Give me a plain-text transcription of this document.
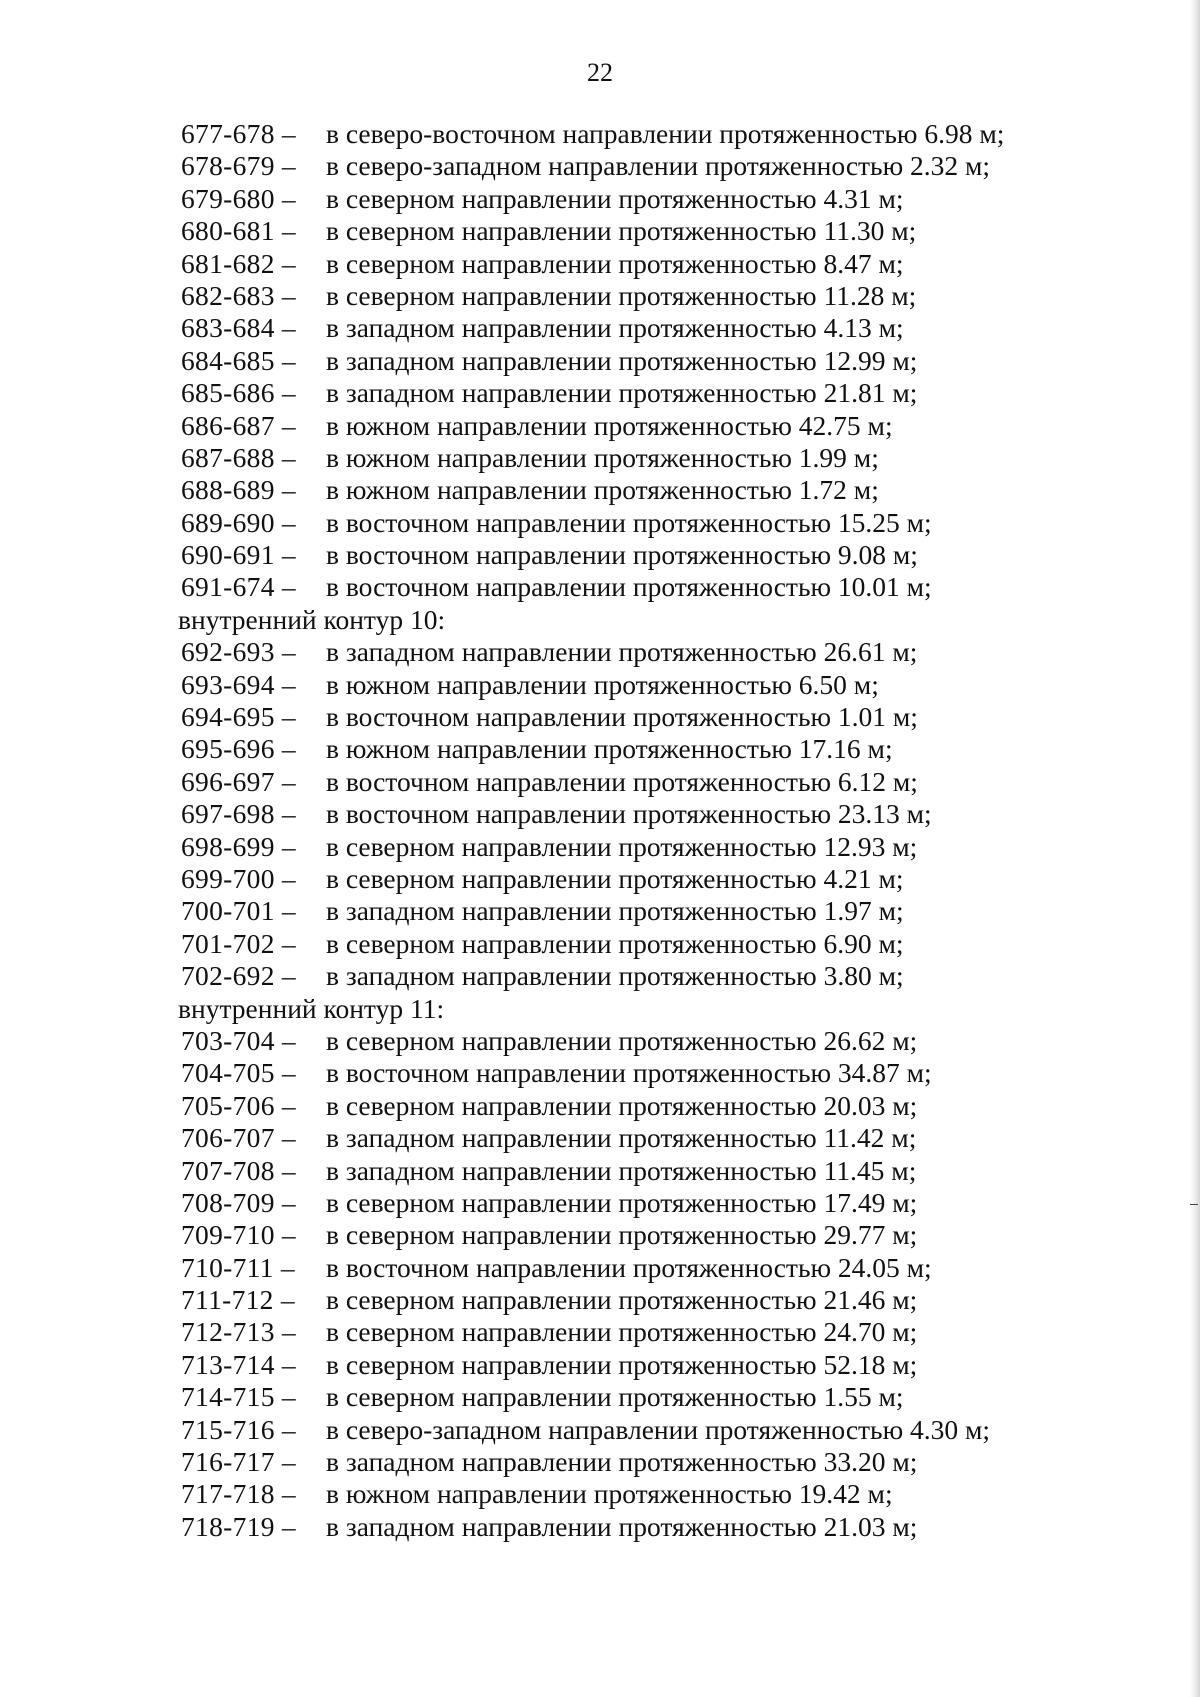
22
677-678 – в северо-восточном направлении протяженностью 6.98 м;
678-679 – в северо-западном направлении протяженностью 2.32 м;
679-680 – в северном направлении протяженностью 4.31 м;
680-681 – в северном направлении протяженностью 11.30 м;
681-682 – в северном направлении протяженностью 8.47 м;
682-683 – в северном направлении протяженностью 11.28 м;
683-684 – в западном направлении протяженностью 4.13 м;
684-685 – в западном направлении протяженностью 12.99 м;
685-686 – в западном направлении протяженностью 21.81 м;
686-687 – в южном направлении протяженностью 42.75 м;
687-688 – в южном направлении протяженностью 1.99 м;
688-689 – в южном направлении протяженностью 1.72 м;
689-690 – в восточном направлении протяженностью 15.25 м;
690-691 – в восточном направлении протяженностью 9.08 м;
691-674 – в восточном направлении протяженностью 10.01 м;
внутренний контур 10:
692-693 – в западном направлении протяженностью 26.61 м;
693-694 – в южном направлении протяженностью 6.50 м;
694-695 – в восточном направлении протяженностью 1.01 м;
695-696 – в южном направлении протяженностью 17.16 м;
696-697 – в восточном направлении протяженностью 6.12 м;
697-698 – в восточном направлении протяженностью 23.13 м;
698-699 – в северном направлении протяженностью 12.93 м;
699-700 – в северном направлении протяженностью 4.21 м;
700-701 – в западном направлении протяженностью 1.97 м;
701-702 – в северном направлении протяженностью 6.90 м;
702-692 – в западном направлении протяженностью 3.80 м;
внутренний контур 11:
703-704 – в северном направлении протяженностью 26.62 м;
704-705 – в восточном направлении протяженностью 34.87 м;
705-706 – в северном направлении протяженностью 20.03 м;
706-707 – в западном направлении протяженностью 11.42 м;
707-708 – в западном направлении протяженностью 11.45 м;
708-709 – в северном направлении протяженностью 17.49 м;
709-710 – в северном направлении протяженностью 29.77 м;
710-711 – в восточном направлении протяженностью 24.05 м;
711-712 – в северном направлении протяженностью 21.46 м;
712-713 – в северном направлении протяженностью 24.70 м;
713-714 – в северном направлении протяженностью 52.18 м;
714-715 – в северном направлении протяженностью 1.55 м;
715-716 – в северо-западном направлении протяженностью 4.30 м;
716-717 – в западном направлении протяженностью 33.20 м;
717-718 – в южном направлении протяженностью 19.42 м;
718-719 – в западном направлении протяженностью 21.03 м;
